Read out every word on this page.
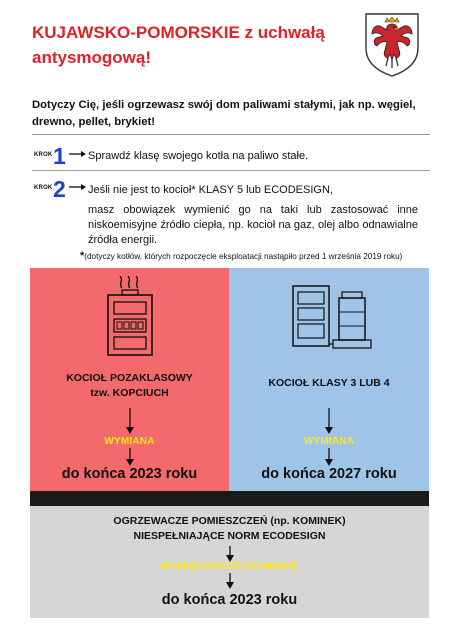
KUJAWSKO-POMORSKIE z uchwałą
antysmogową!
Dotyczy Cię, jeśli ogrzewasz swój dom paliwami stałymi, jak np. węgiel,
drewno, pellet, brykiet!
KROK 1 Sprawdź klasę swojego kotła na paliwo stałe.
KROK 2 Jeśli nie jest to kocioł* KLASY 5 lub ECODESIGN,
masz obowiązek wymienić go na taki lub zastosować inne niskoemisyjne źródło ciepła, np. kocioł na gaz, olej albo odnawialne źródła energii.
*(dotyczy kotłów, których rozpoczęcie eksploatacji nastąpiło przed 1 września 2019 roku)
KOCIOŁ POZAKLASOWY
tzw. KOPCIUCH
WYMIANA
do końca 2023 roku
KOCIOŁ KLASY 3 LUB 4
WYMIANA
do końca 2027 roku
OGRZEWACZE POMIESZCZEŃ (np. KOMINEK)
NIESPEŁNIAJĄCE NORM ECODESIGN
WYMIANA/DOSTOSOWANIE
do końca 2023 roku
